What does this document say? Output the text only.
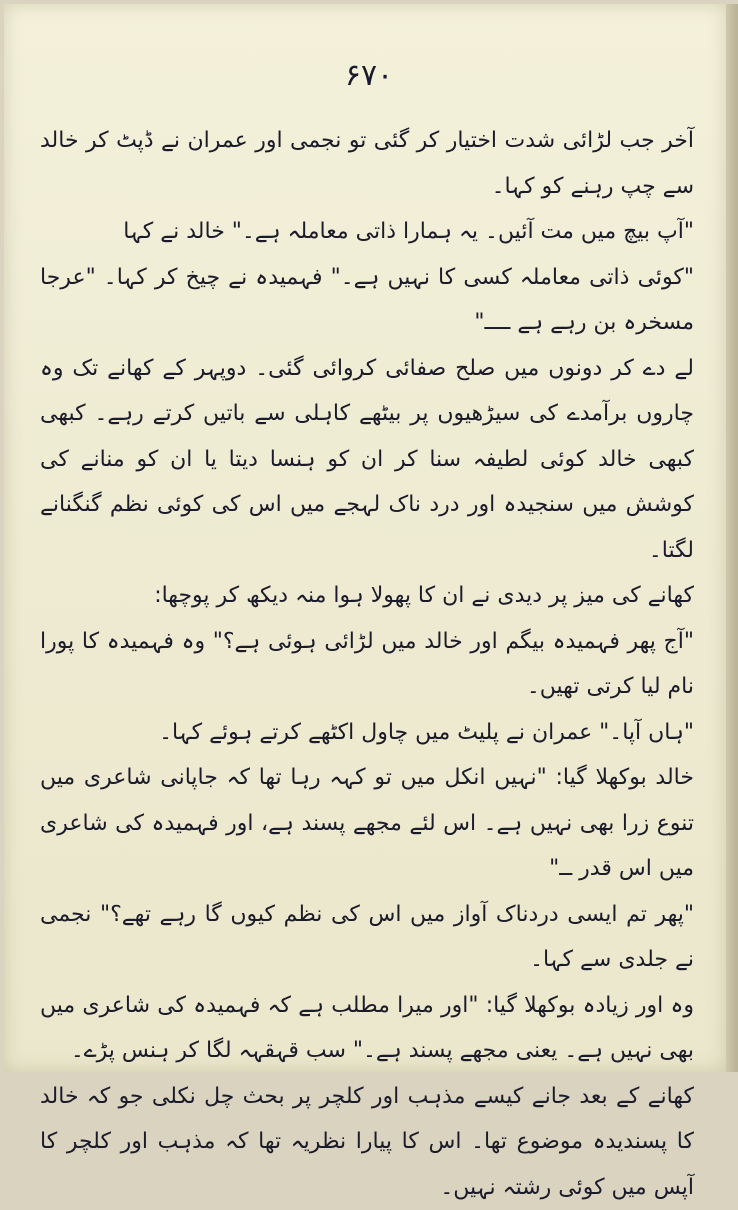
۶۷۰

آخر جب لڑائی شدت اختیار کر گئی تو نجمی اور عمران نے ڈپٹ کر خالد سے چپ رہنے کو کہا۔

"آپ بیچ میں مت آئیں۔ یہ ہمارا ذاتی معاملہ ہے۔" خالد نے کہا

"کوئی ذاتی معاملہ کسی کا نہیں ہے۔" فہمیدہ نے چیخ کر کہا۔ "عرجا مسخرہ بن رہے ہے ــــ"

لے دے کر دونوں میں صلح صفائی کروائی گئی۔ دوپہر کے کھانے تک وہ چاروں برآمدے کی سیڑھیوں پر بیٹھے کاہلی سے باتیں کرتے رہے۔ کبھی کبھی خالد کوئی لطیفہ سنا کر ان کو ہنسا دیتا یا ان کو منانے کی کوشش میں سنجیدہ اور درد ناک لہجے میں اس کی کوئی نظم گنگنانے لگتا۔

کھانے کی میز پر دیدی نے ان کا پھولا ہوا منہ دیکھ کر پوچھا:

"آج پھر فہمیدہ بیگم اور خالد میں لڑائی ہوئی ہے؟" وہ فہمیدہ کا پورا نام لیا کرتی تھیں۔

"ہاں آپا۔" عمران نے پلیٹ میں چاول اکٹھے کرتے ہوئے کہا۔

خالد بوکھلا گیا: "نہیں انکل میں تو کہہ رہا تھا کہ جاپانی شاعری میں تنوع زرا بھی نہیں ہے۔ اس لئے مجھے پسند ہے، اور فہمیدہ کی شاعری میں اس قدر ــ"

"پھر تم ایسی دردناک آواز میں اس کی نظم کیوں گا رہے تھے؟" نجمی نے جلدی سے کہا۔

وہ اور زیادہ بوکھلا گیا: "اور میرا مطلب ہے کہ فہمیدہ کی شاعری میں بھی نہیں ہے۔ یعنی مجھے پسند ہے۔" سب قہقہہ لگا کر ہنس پڑے۔

کھانے کے بعد جانے کیسے مذہب اور کلچر پر بحث چل نکلی جو کہ خالد کا پسندیدہ موضوع تھا۔ اس کا پیارا نظریہ تھا کہ مذہب اور کلچر کا آپس میں کوئی رشتہ نہیں۔
